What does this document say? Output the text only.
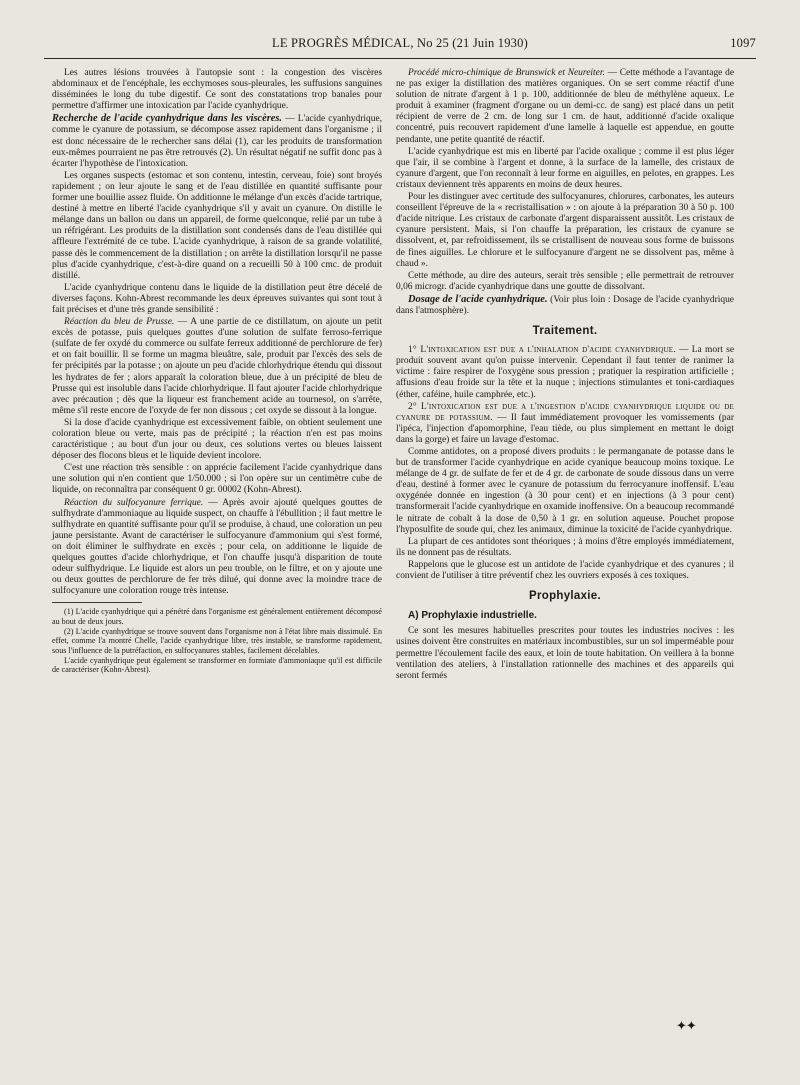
LE PROGRÈS MÉDICAL, No 25 (21 Juin 1930)	1097

Les autres lésions trouvées à l'autopsie sont : la congestion des viscères abdominaux et de l'encéphale, les ecchymoses sous-pleurales, les suffusions sanguines disséminées le long du tube digestif. Ce sont des constatations trop banales pour permettre d'affirmer une intoxication par l'acide cyanhydrique.

Recherche de l'acide cyanhydrique dans les viscères. — L'acide cyanhydrique, comme le cyanure de potassium, se décompose assez rapidement dans l'organisme ; il est donc nécessaire de le rechercher sans délai (1), car les produits de transformation eux-mêmes pourraient ne pas être retrouvés (2). Un résultat négatif ne suffit donc pas à écarter l'hypothèse de l'intoxication.

Les organes suspects (estomac et son contenu, intestin, cerveau, foie) sont broyés rapidement ; on leur ajoute le sang et de l'eau distillée en quantité suffisante pour former une bouillie assez fluide. On additionne le mélange d'un excès d'acide tartrique, destiné à mettre en liberté l'acide cyanhydrique s'il y avait un cyanure. On distille le mélange dans un ballon ou dans un appareil, de forme quelconque, relié par un tube à un réfrigérant. Les produits de la distillation sont condensés dans de l'eau distillée qui affleure l'extrémité de ce tube. L'acide cyanhydrique, à raison de sa grande volatilité, passe dès le commencement de la distillation ; on arrête la distillation lorsqu'il ne passe plus d'acide cyanhydrique, c'est-à-dire quand on a recueilli 50 à 100 cmc. de produit distillé.

L'acide cyanhydrique contenu dans le liquide de la distillation peut être décelé de diverses façons. Kohn-Abrest recommande les deux épreuves suivantes qui sont tout à fait précises et d'une très grande sensibilité :

Réaction du bleu de Prusse. — A une partie de ce distillatum, on ajoute un petit excès de potasse, puis quelques gouttes d'une solution de sulfate ferroso-ferrique (sulfate de fer oxydé du commerce ou sulfate ferreux additionné de perchlorure de fer) et on fait bouillir. Il se forme un magma bleuâtre, sale, produit par l'excès des sels de fer précipités par la potasse ; on ajoute un peu d'acide chlorhydrique étendu qui dissout les hydrates de fer ; alors apparaît la coloration bleue, due à un précipité de bleu de Prusse qui est insoluble dans l'acide chlorhydrique. Il faut ajouter l'acide chlorhydrique avec précaution ; dès que la liqueur est franchement acide au tournesol, on s'arrête, même s'il reste encore de l'oxyde de fer non dissous ; cet oxyde se dissout à la longue.

Si la dose d'acide cyanhydrique est excessivement faible, on obtient seulement une coloration bleue ou verte, mais pas de précipité ; la réaction n'en est pas moins caractéristique ; au bout d'un jour ou deux, ces solutions vertes ou bleues laissent déposer des flocons bleus et le liquide devient incolore.

C'est une réaction très sensible : on apprécie facilement l'acide cyanhydrique dans une solution qui n'en contient que 1/50.000 ; si l'on opère sur un centimètre cube de liquide, on reconnaîtra par conséquent 0 gr. 00002 (Kohn-Abrest).

Réaction du sulfocyanure ferrique. — Après avoir ajouté quelques gouttes de sulfhydrate d'ammoniaque au liquide suspect, on chauffe à l'ébullition ; il faut mettre le sulfhydrate en quantité suffisante pour qu'il se produise, à chaud, une coloration un peu jaune persistante. Avant de caractériser le sulfocyanure d'ammonium qui s'est formé, on doit éliminer le sulfhydrate en excès ; pour cela, on additionne le liquide de quelques gouttes d'acide chlorhydrique, et l'on chauffe jusqu'à disparition de toute odeur sulfhydrique. Le liquide est alors un peu trouble, on le filtre, et on y ajoute une ou deux gouttes de perchlorure de fer très dilué, qui donne avec la moindre trace de sulfocyanure une coloration rouge très intense.

(1) L'acide cyanhydrique qui a pénétré dans l'organisme est généralement entièrement décomposé au bout de deux jours.

(2) L'acide cyanhydrique se trouve souvent dans l'organisme non à l'état libre mais dissimulé. En effet, comme l'a montré Chelle, l'acide cyanhydrique libre, très instable, se transforme rapidement, sous l'influence de la putréfaction, en sulfocyanures stables, facilement décelables.

L'acide cyanhydrique peut également se transformer en formiate d'ammoniaque qu'il est difficile de caractériser (Kohn-Abrest).

Procédé micro-chimique de Brunswick et Neureiter. — Cette méthode a l'avantage de ne pas exiger la distillation des matières organiques. On se sert comme réactif d'une solution de nitrate d'argent à 1 p. 100, additionnée de bleu de méthylène aqueux. Le produit à examiner (fragment d'organe ou un demi-cc. de sang) est placé dans un petit récipient de verre de 2 cm. de long sur 1 cm. de haut, additionné d'acide oxalique concentré, puis recouvert rapidement d'une lamelle à laquelle est appendue, en goutte pendante, une petite quantité de réactif.

L'acide cyanhydrique est mis en liberté par l'acide oxalique ; comme il est plus léger que l'air, il se combine à l'argent et donne, à la surface de la lamelle, des cristaux de cyanure d'argent, que l'on reconnaît à leur forme en aiguilles, en pelotes, en grappes. Les cristaux deviennent très apparents en moins de deux heures.

Pour les distinguer avec certitude des sulfocyanures, chlorures, carbonates, les auteurs conseillent l'épreuve de la « recristallisation » : on ajoute à la préparation 30 à 50 p. 100 d'acide nitrique. Les cristaux de carbonate d'argent disparaissent aussitôt. Les cristaux de cyanure persistent. Mais, si l'on chauffe la préparation, les cristaux de cyanure se dissolvent, et, par refroidissement, ils se cristallisent de nouveau sous forme de buissons de fines aiguilles. Le chlorure et le sulfocyanure d'argent ne se dissolvent pas, même à chaud ».

Cette méthode, au dire des auteurs, serait très sensible ; elle permettrait de retrouver 0,06 microgr. d'acide cyanhydrique dans une goutte de dissolvant.

Dosage de l'acide cyanhydrique. (Voir plus loin : Dosage de l'acide cyanhydrique dans l'atmosphère).

Traitement.

1° L'intoxication est due a l'inhalation d'acide cyanhydrique. — La mort se produit souvent avant qu'on puisse intervenir. Cependant il faut tenter de ranimer la victime : faire respirer de l'oxygène sous pression ; pratiquer la respiration artificielle ; affusions d'eau froide sur la tête et la nuque ; injections stimulantes et toni-cardiaques (éther, caféine, huile camphrée, etc.).

2° L'intoxication est due a l'ingestion d'acide cyanhydrique liquide ou de cyanure de potassium. — Il faut immédiatement provoquer les vomissements (par l'ipéca, l'injection d'apomorphine, l'eau tiède, ou plus simplement en mettant le doigt dans la gorge) et faire un lavage d'estomac.

Comme antidotes, on a proposé divers produits : le permanganate de potasse dans le but de transformer l'acide cyanhydrique en acide cyanique beaucoup moins toxique. Le mélange de 4 gr. de sulfate de fer et de 4 gr. de carbonate de soude dissous dans un verre d'eau, destiné à former avec le cyanure de potassium du ferrocyanure inoffensif. L'eau oxygénée donnée en ingestion (à 30 pour cent) et en injections (à 3 pour cent) transformerait l'acide cyanhydrique en oxamide inoffensive. On a beaucoup recommandé le nitrate de cobalt à la dose de 0,50 à 1 gr. en solution aqueuse. Pouchet propose l'hyposulfite de soude qui, chez les animaux, diminue la toxicité de l'acide cyanhydrique.

La plupart de ces antidotes sont théoriques ; à moins d'être employés immédiatement, ils ne donnent pas de résultats.

Rappelons que le glucose est un antidote de l'acide cyanhydrique et des cyanures ; il convient de l'utiliser à titre préventif chez les ouvriers exposés à ces toxiques.

Prophylaxie.
A) Prophylaxie industrielle.

Ce sont les mesures habituelles prescrites pour toutes les industries nocives : les usines doivent être construites en matériaux incombustibles, sur un sol imperméable pour permettre l'écoulement facile des eaux, et loin de toute habitation. On veillera à la bonne ventilation des ateliers, à l'installation rationnelle des machines et des appareils qui seront fermés

✦✦
